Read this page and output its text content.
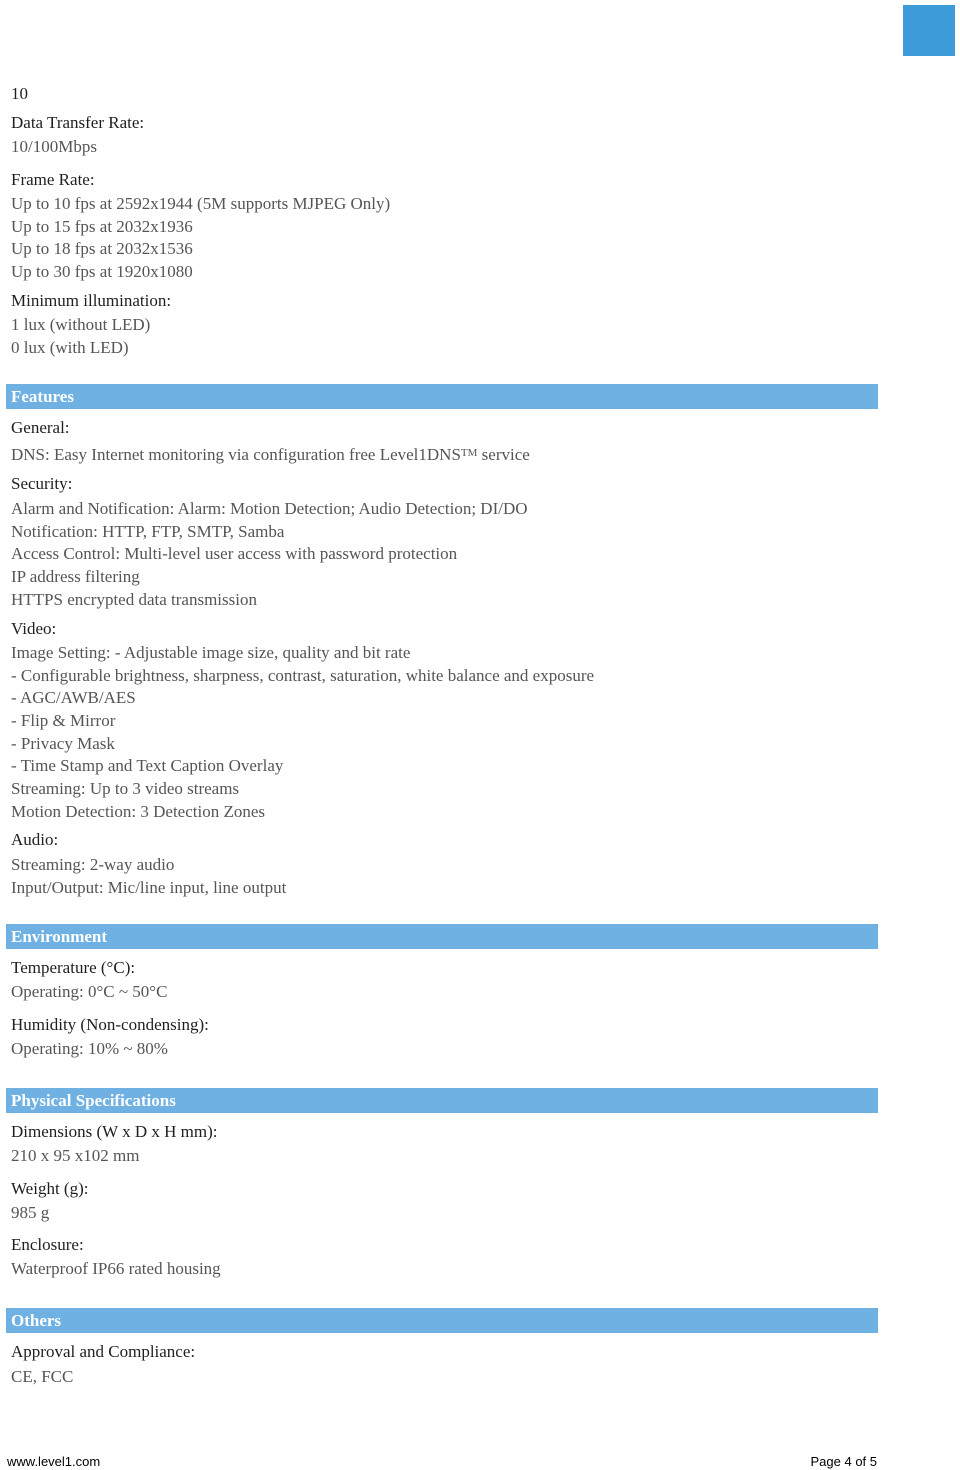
10
Data Transfer Rate:
10/100Mbps
Frame Rate:
Up to 10 fps at 2592x1944 (5M supports MJPEG Only)
Up to 15 fps at 2032x1936
Up to 18 fps at 2032x1536
Up to 30 fps at 1920x1080
Minimum illumination:
1 lux (without LED)
0 lux (with LED)
Features
General:
DNS: Easy Internet monitoring via configuration free Level1DNS™ service
Security:
Alarm and Notification: Alarm: Motion Detection; Audio Detection; DI/DO
Notification: HTTP, FTP, SMTP, Samba
Access Control: Multi-level user access with password protection
IP address filtering
HTTPS encrypted data transmission
Video:
Image Setting: - Adjustable image size, quality and bit rate
- Configurable brightness, sharpness, contrast, saturation, white balance and exposure
- AGC/AWB/AES
- Flip & Mirror
- Privacy Mask
- Time Stamp and Text Caption Overlay
Streaming: Up to 3 video streams
Motion Detection: 3 Detection Zones
Audio:
Streaming: 2-way audio
Input/Output: Mic/line input, line output
Environment
Temperature (°C):
Operating: 0°C ~ 50°C
Humidity (Non-condensing):
Operating: 10% ~ 80%
Physical Specifications
Dimensions (W x D x H mm):
210 x 95 x102 mm
Weight (g):
985 g
Enclosure:
Waterproof IP66 rated housing
Others
Approval and Compliance:
CE, FCC
www.level1.com	Page 4 of 5
